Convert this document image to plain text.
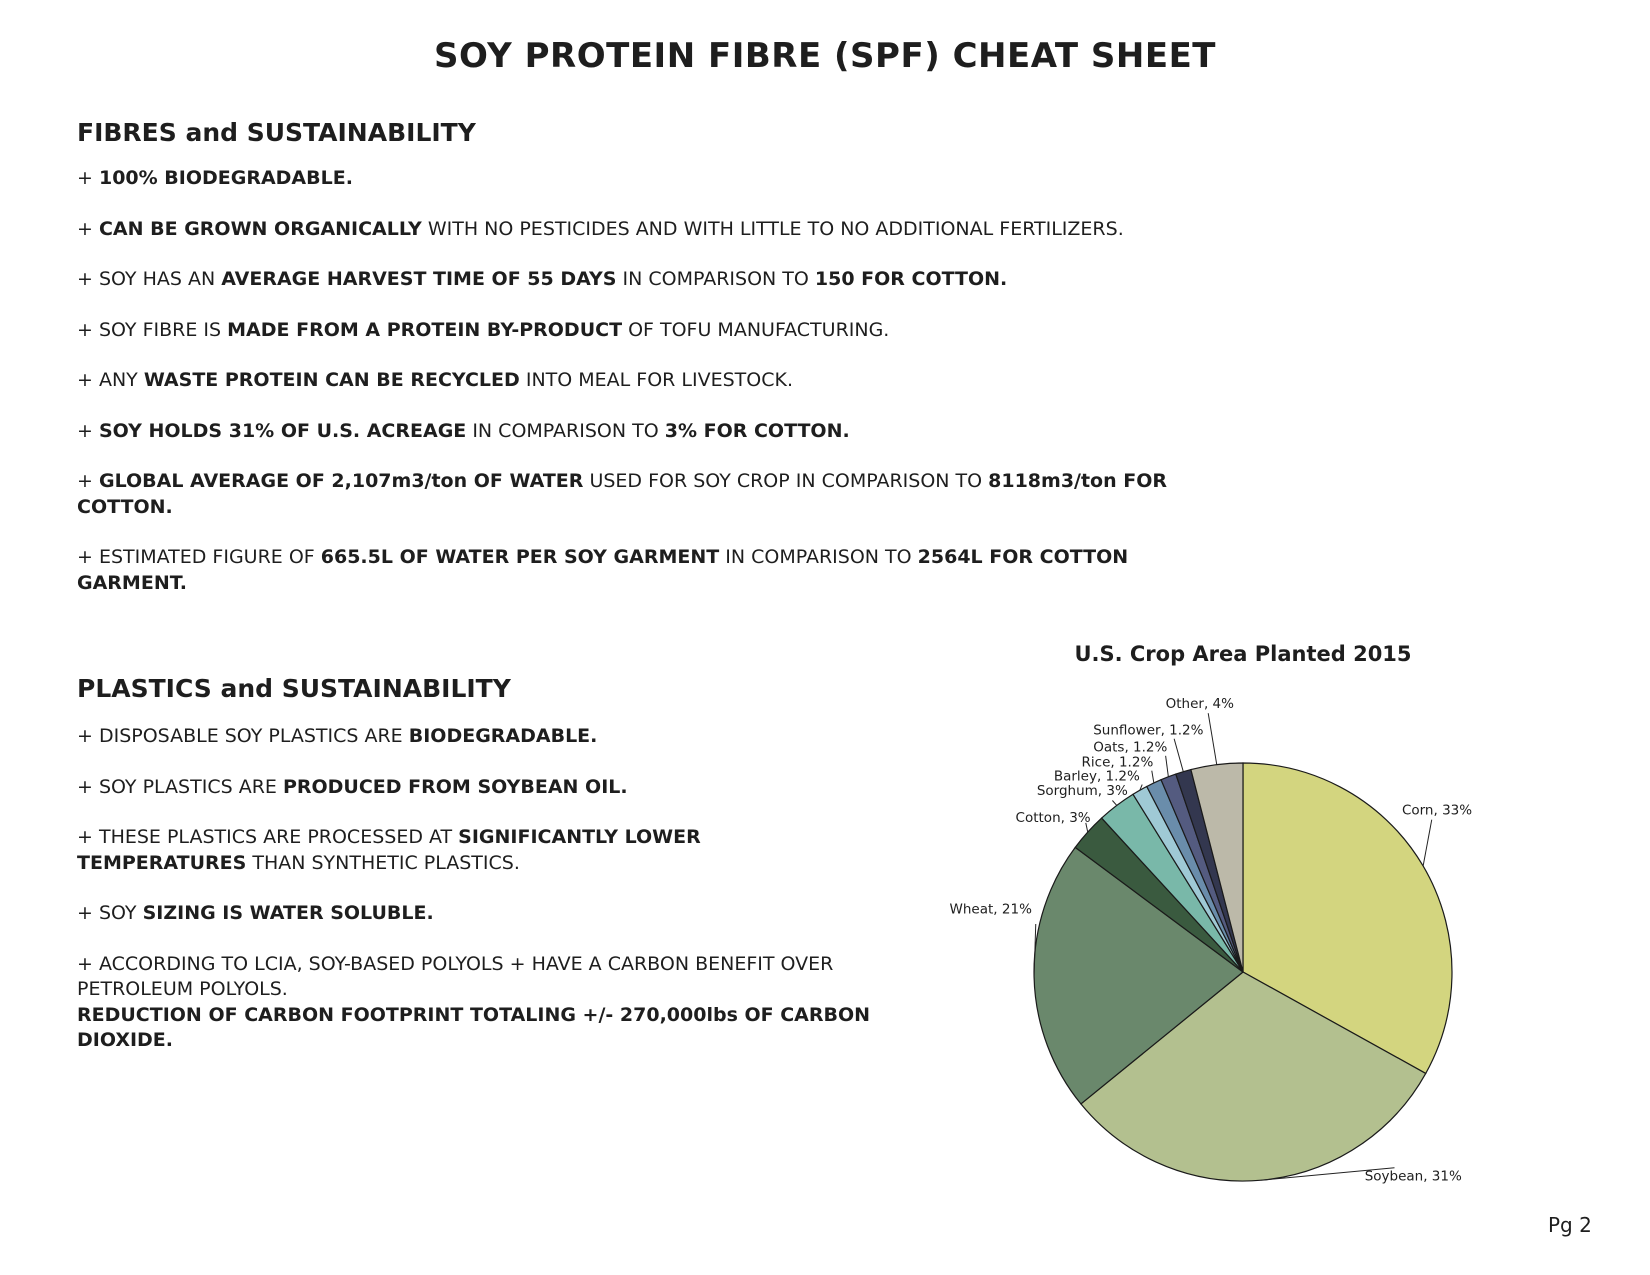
SOY PROTEIN FIBRE (SPF) CHEAT SHEET
FIBRES and SUSTAINABILITY
+ 100% BIODEGRADABLE.
+ CAN BE GROWN ORGANICALLY WITH NO PESTICIDES AND WITH LITTLE TO NO ADDITIONAL FERTILIZERS.
+ SOY HAS AN AVERAGE HARVEST TIME OF 55 DAYS IN COMPARISON TO 150 FOR COTTON.
+ SOY FIBRE IS MADE FROM A PROTEIN BY-PRODUCT OF TOFU MANUFACTURING.
+ ANY WASTE PROTEIN CAN BE RECYCLED INTO MEAL FOR LIVESTOCK.
+ SOY HOLDS 31% OF U.S. ACREAGE IN COMPARISON TO 3% FOR COTTON.
+ GLOBAL AVERAGE OF 2,107m3/ton OF WATER USED FOR SOY CROP IN COMPARISON TO 8118m3/ton FOR
COTTON.
+ ESTIMATED FIGURE OF 665.5L OF WATER PER SOY GARMENT IN COMPARISON TO 2564L FOR COTTON
GARMENT.
PLASTICS and SUSTAINABILITY
+ DISPOSABLE SOY PLASTICS ARE BIODEGRADABLE.
+ SOY PLASTICS ARE PRODUCED FROM SOYBEAN OIL.
+ THESE PLASTICS ARE PROCESSED AT SIGNIFICANTLY LOWER
TEMPERATURES THAN SYNTHETIC PLASTICS.
+ SOY SIZING IS WATER SOLUBLE.
+ ACCORDING TO LCIA, SOY-BASED POLYOLS + HAVE A CARBON BENEFIT OVER
PETROLEUM POLYOLS.
REDUCTION OF CARBON FOOTPRINT TOTALING +/- 270,000lbs OF CARBON
DIOXIDE.
U.S. Crop Area Planted 2015
Corn, 33%
Soybean, 31%
Wheat, 21%
Cotton, 3%
Sorghum, 3%
Barley, 1.2%
Rice, 1.2%
Oats, 1.2%
Sunflower, 1.2%
Other, 4%
Pg 2
